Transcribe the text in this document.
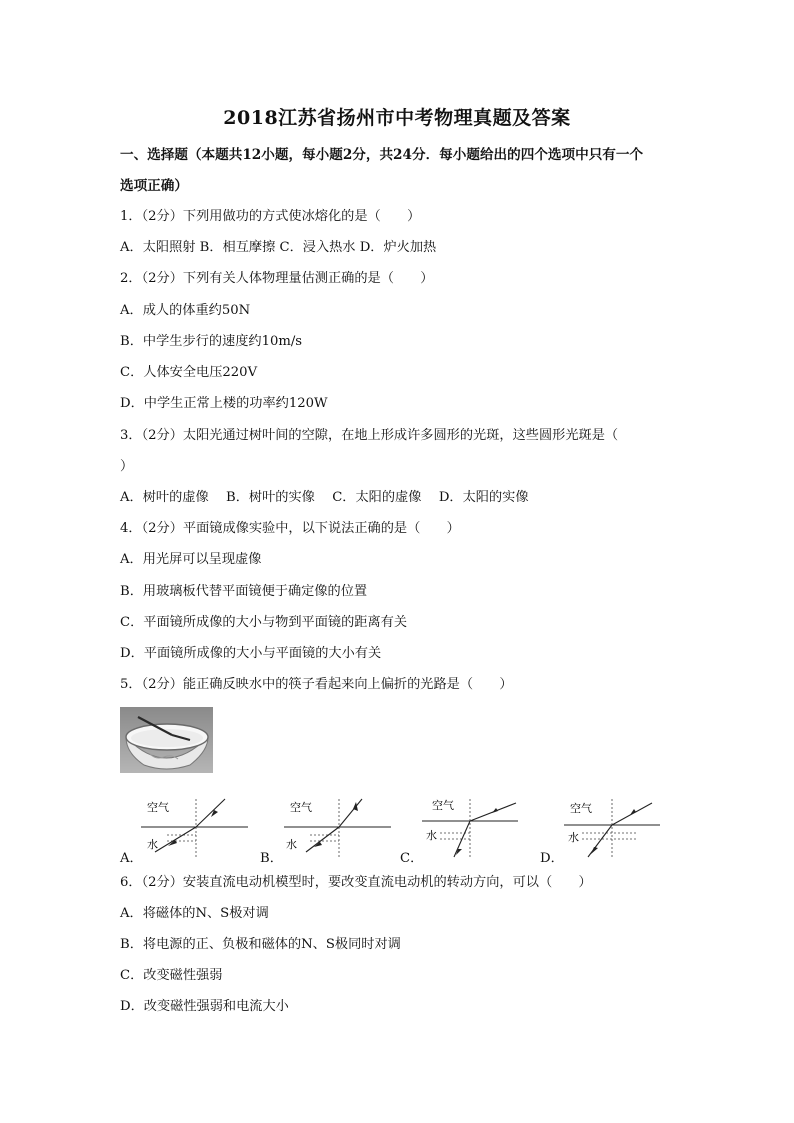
2018江苏省扬州市中考物理真题及答案
一、选择题（本题共12小题，每小题2分，共24分．每小题给出的四个选项中只有一个
选项正确）
1．（2分）下列用做功的方式使冰熔化的是（　　）
A．太阳照射 B．相互摩擦 C．浸入热水 D．炉火加热
2．（2分）下列有关人体物理量估测正确的是（　　）
A．成人的体重约50N
B．中学生步行的速度约10m/s
C．人体安全电压220V
D．中学生正常上楼的功率约120W
3．（2分）太阳光通过树叶间的空隙，在地上形成许多圆形的光斑，这些圆形光斑是（
）
A．树叶的虚像　 B．树叶的实像　 C．太阳的虚像　 D．太阳的实像
4．（2分）平面镜成像实验中，以下说法正确的是（　　）
A．用光屏可以呈现虚像
B．用玻璃板代替平面镜便于确定像的位置
C．平面镜所成像的大小与物到平面镜的距离有关
D．平面镜所成像的大小与平面镜的大小有关
5．（2分）能正确反映水中的筷子看起来向上偏折的光路是（　　）
空气
水
空气
水
空气
水
空气
水
A．	B．	C．	D．
6．（2分）安装直流电动机模型时，要改变直流电动机的转动方向，可以（　　）
A．将磁体的N、S极对调
B．将电源的正、负极和磁体的N、S极同时对调
C．改变磁性强弱
D．改变磁性强弱和电流大小
